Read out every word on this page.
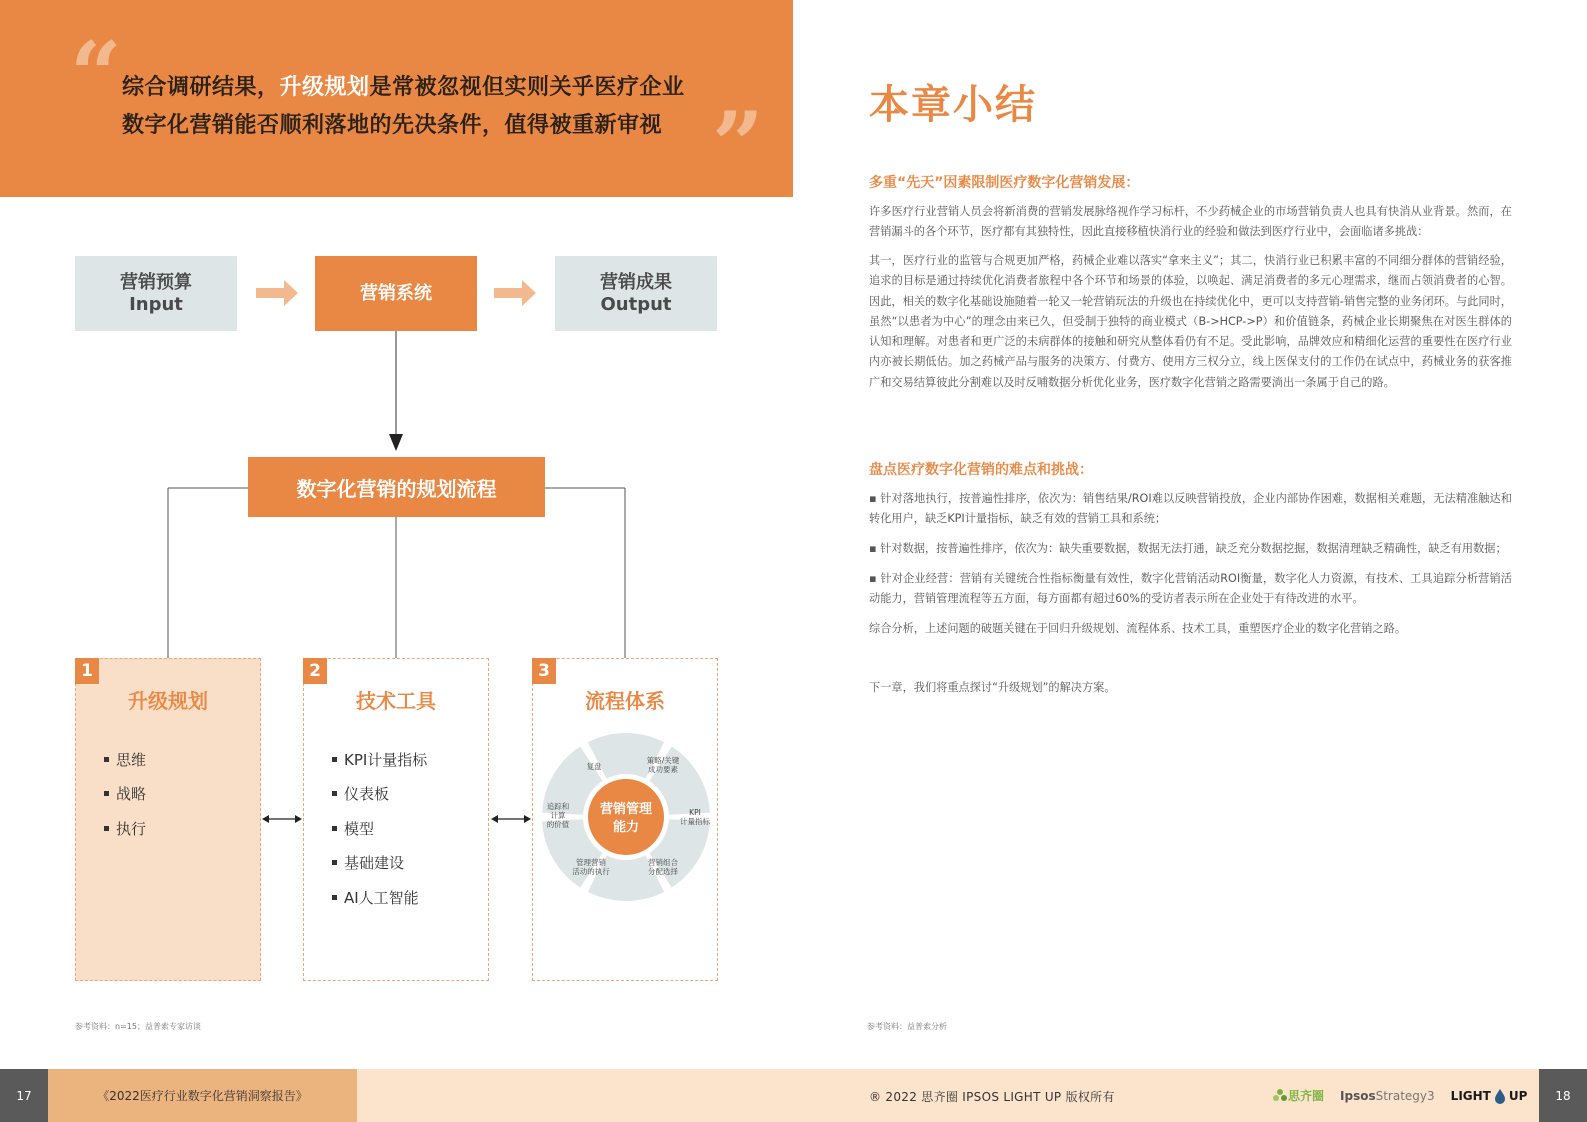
“ 综合调研结果，升级规划是常被忽视但实则关乎医疗企业
数字化营销能否顺利落地的先决条件，值得被重新审视 ”
营销预算
Input
营销系统
营销成果
Output
数字化营销的规划流程
1
升级规划
思维
战略
执行
2
技术工具
KPI计量指标
仪表板
模型
基础建设
AI人工智能
3
流程体系
营销管理
能力
复盘
策略/关键
成功要素
KPI
计量指标
营销组合
分配选择
管理营销
活动的执行
追踪和
计算
的价值
参考资料：n=15；益普索专家访谈	参考资料：益普索分析
本章小结
多重“先天”因素限制医疗数字化营销发展：
许多医疗行业营销人员会将新消费的营销发展脉络视作学习标杆，不少药械企业的市场营销负责人也具有快消从业背景。然而，在营销漏斗的各个环节，医疗都有其独特性，因此直接移植快消行业的经验和做法到医疗行业中，会面临诸多挑战：
其一，医疗行业的监管与合规更加严格，药械企业难以落实“拿来主义”；其二，快消行业已积累丰富的不同细分群体的营销经验，追求的目标是通过持续优化消费者旅程中各个环节和场景的体验，以唤起、满足消费者的多元心理需求，继而占领消费者的心智。因此，相关的数字化基础设施随着一轮又一轮营销玩法的升级也在持续优化中，更可以支持营销-销售完整的业务闭环。与此同时，虽然“以患者为中心”的理念由来已久，但受制于独特的商业模式（B->HCP->P）和价值链条，药械企业长期聚焦在对医生群体的认知和理解。对患者和更广泛的未病群体的接触和研究从整体看仍有不足。受此影响，品牌效应和精细化运营的重要性在医疗行业内亦被长期低估。加之药械产品与服务的决策方、付费方、使用方三权分立，线上医保支付的工作仍在试点中，药械业务的获客推广和交易结算彼此分割难以及时反哺数据分析优化业务，医疗数字化营销之路需要淌出一条属于自己的路。
盘点医疗数字化营销的难点和挑战：
▪ 针对落地执行，按普遍性排序，依次为：销售结果/ROI难以反映营销投放，企业内部协作困难，数据相关难题，无法精准触达和转化用户，缺乏KPI计量指标，缺乏有效的营销工具和系统；
▪ 针对数据，按普遍性排序，依次为：缺失重要数据，数据无法打通，缺乏充分数据挖掘，数据清理缺乏精确性，缺乏有用数据；
▪ 针对企业经营：营销有关键统合性指标衡量有效性，数字化营销活动ROI衡量，数字化人力资源，有技术、工具追踪分析营销活动能力，营销管理流程等五方面，每方面都有超过60%的受访者表示所在企业处于有待改进的水平。
综合分析，上述问题的破题关键在于回归升级规划、流程体系、技术工具，重塑医疗企业的数字化营销之路。
下一章，我们将重点探讨“升级规划”的解决方案。
17	《2022医疗行业数字化营销洞察报告》	® 2022 思齐圈 IPSOS LIGHT UP 版权所有	思齐圈 IpsosStrategy3 LIGHT UP	18
